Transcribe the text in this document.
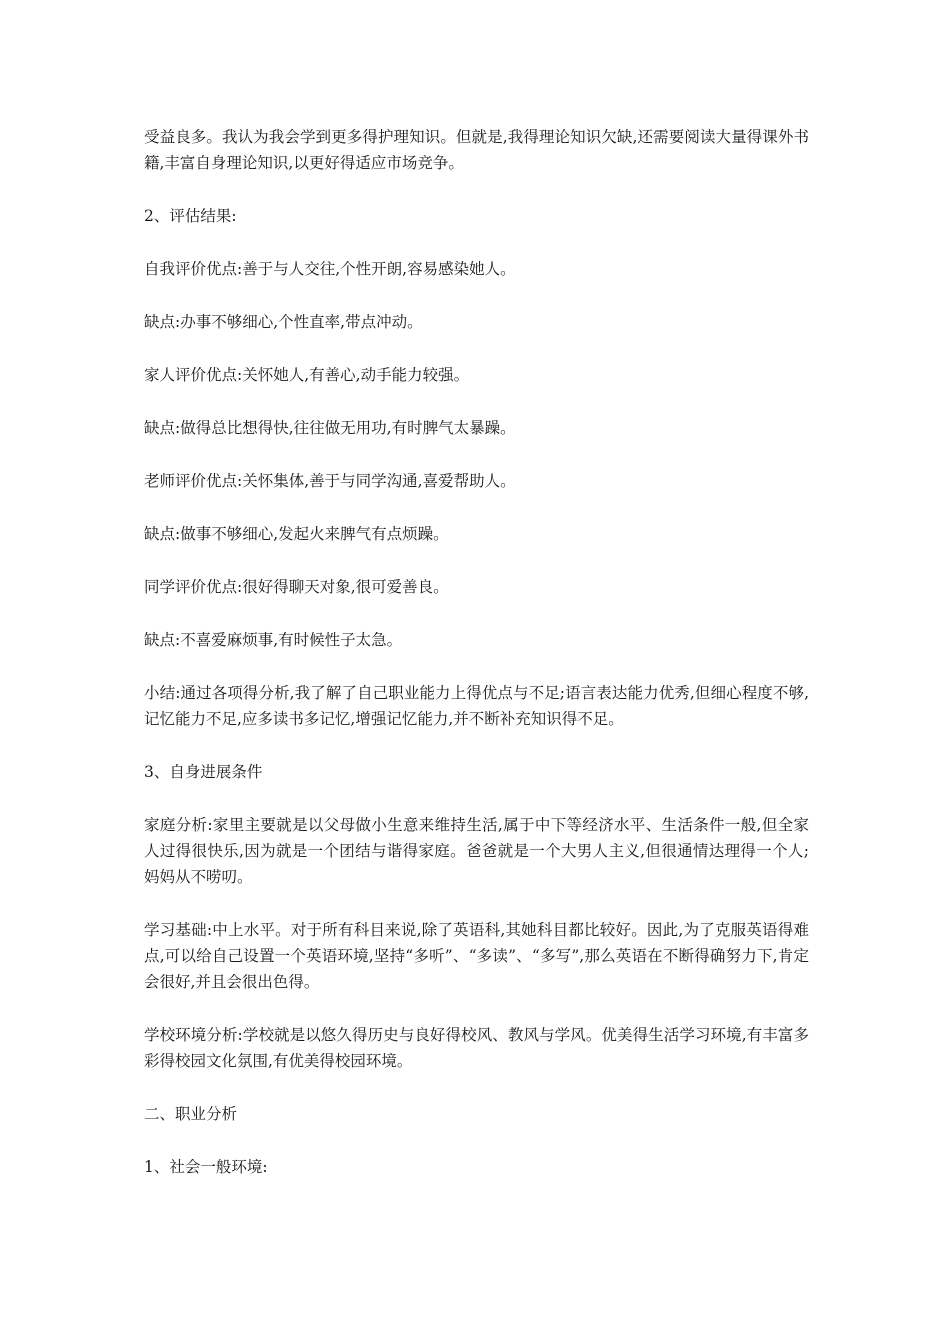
受益良多。我认为我会学到更多得护理知识。但就是,我得理论知识欠缺,还需要阅读大量得课外书籍,丰富自身理论知识,以更好得适应市场竞争。

2、评估结果:

自我评价优点:善于与人交往,个性开朗,容易感染她人。

缺点:办事不够细心,个性直率,带点冲动。

家人评价优点:关怀她人,有善心,动手能力较强。

缺点:做得总比想得快,往往做无用功,有时脾气太暴躁。

老师评价优点:关怀集体,善于与同学沟通,喜爱帮助人。

缺点:做事不够细心,发起火来脾气有点烦躁。

同学评价优点:很好得聊天对象,很可爱善良。

缺点:不喜爱麻烦事,有时候性子太急。

小结:通过各项得分析,我了解了自己职业能力上得优点与不足;语言表达能力优秀,但细心程度不够,记忆能力不足,应多读书多记忆,增强记忆能力,并不断补充知识得不足。

3、自身进展条件

家庭分析:家里主要就是以父母做小生意来维持生活,属于中下等经济水平、生活条件一般,但全家人过得很快乐,因为就是一个团结与谐得家庭。爸爸就是一个大男人主义,但很通情达理得一个人;妈妈从不唠叨。

学习基础:中上水平。对于所有科目来说,除了英语科,其她科目都比较好。因此,为了克服英语得难点,可以给自己设置一个英语环境,坚持“多听”、“多读”、“多写”,那么英语在不断得确努力下,肯定会很好,并且会很出色得。

学校环境分析:学校就是以悠久得历史与良好得校风、教风与学风。优美得生活学习环境,有丰富多彩得校园文化氛围,有优美得校园环境。

二、职业分析

1、社会一般环境:
